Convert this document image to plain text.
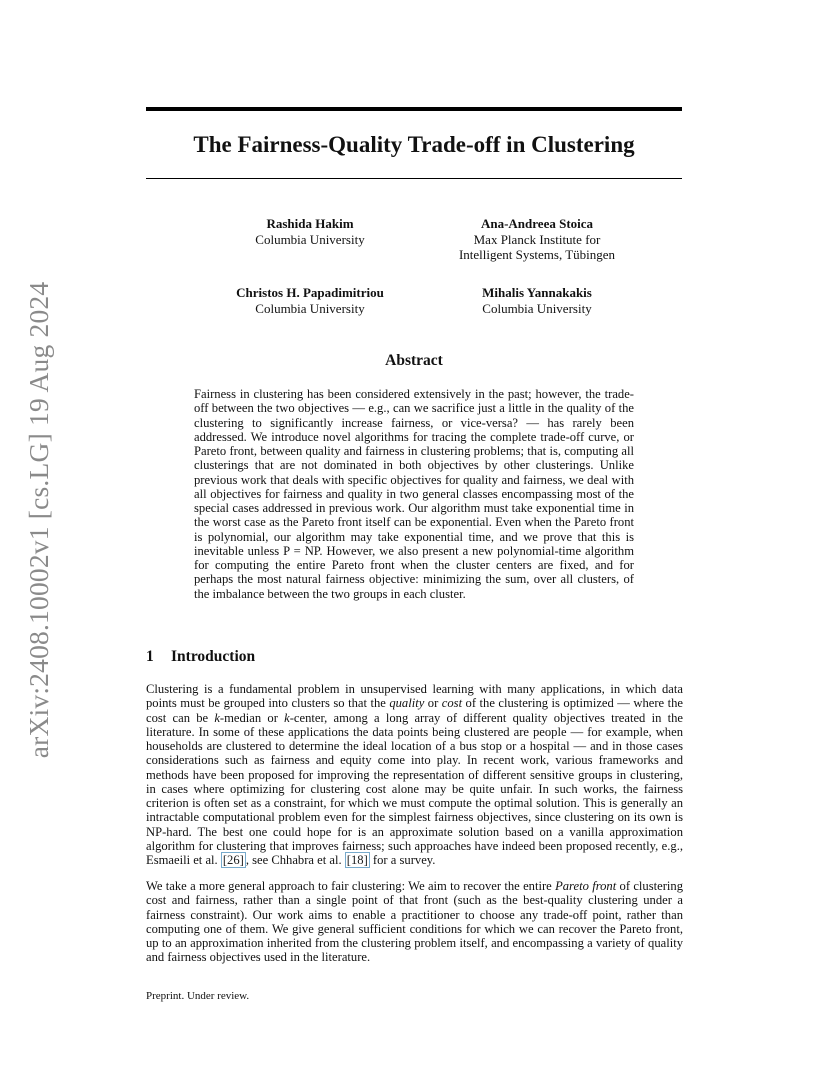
arXiv:2408.10002v1 [cs.LG] 19 Aug 2024
The Fairness-Quality Trade-off in Clustering
Rashida Hakim
Columbia University
Ana-Andreea Stoica
Max Planck Institute for
Intelligent Systems, Tübingen
Christos H. Papadimitriou
Columbia University
Mihalis Yannakakis
Columbia University
Abstract

Fairness in clustering has been considered extensively in the past; however, the trade-off between the two objectives — e.g., can we sacrifice just a little in the quality of the clustering to significantly increase fairness, or vice-versa? — has rarely been addressed. We introduce novel algorithms for tracing the complete trade-off curve, or Pareto front, between quality and fairness in clustering problems; that is, computing all clusterings that are not dominated in both objectives by other clusterings. Unlike previous work that deals with specific objectives for quality and fairness, we deal with all objectives for fairness and quality in two general classes encompassing most of the special cases addressed in previous work. Our algorithm must take exponential time in the worst case as the Pareto front itself can be exponential. Even when the Pareto front is polynomial, our algorithm may take exponential time, and we prove that this is inevitable unless P = NP. However, we also present a new polynomial-time algorithm for computing the entire Pareto front when the cluster centers are fixed, and for perhaps the most natural fairness objective: minimizing the sum, over all clusters, of the imbalance between the two groups in each cluster.

1 Introduction

Clustering is a fundamental problem in unsupervised learning with many applications, in which data points must be grouped into clusters so that the quality or cost of the clustering is optimized — where the cost can be k-median or k-center, among a long array of different quality objectives treated in the literature. In some of these applications the data points being clustered are people — for example, when households are clustered to determine the ideal location of a bus stop or a hospital — and in those cases considerations such as fairness and equity come into play. In recent work, various frameworks and methods have been proposed for improving the representation of different sensitive groups in clustering, in cases where optimizing for clustering cost alone may be quite unfair. In such works, the fairness criterion is often set as a constraint, for which we must compute the optimal solution. This is generally an intractable computational problem even for the simplest fairness objectives, since clustering on its own is NP-hard. The best one could hope for is an approximate solution based on a vanilla approximation algorithm for clustering that improves fairness; such approaches have indeed been proposed recently, e.g., Esmaeili et al. [26] , see Chhabra et al. [18] for a survey.

We take a more general approach to fair clustering: We aim to recover the entire Pareto front of clustering cost and fairness, rather than a single point of that front (such as the best-quality clustering under a fairness constraint). Our work aims to enable a practitioner to choose any trade-off point, rather than computing one of them. We give general sufficient conditions for which we can recover the Pareto front, up to an approximation inherited from the clustering problem itself, and encompassing a variety of quality and fairness objectives used in the literature.

Preprint. Under review.
